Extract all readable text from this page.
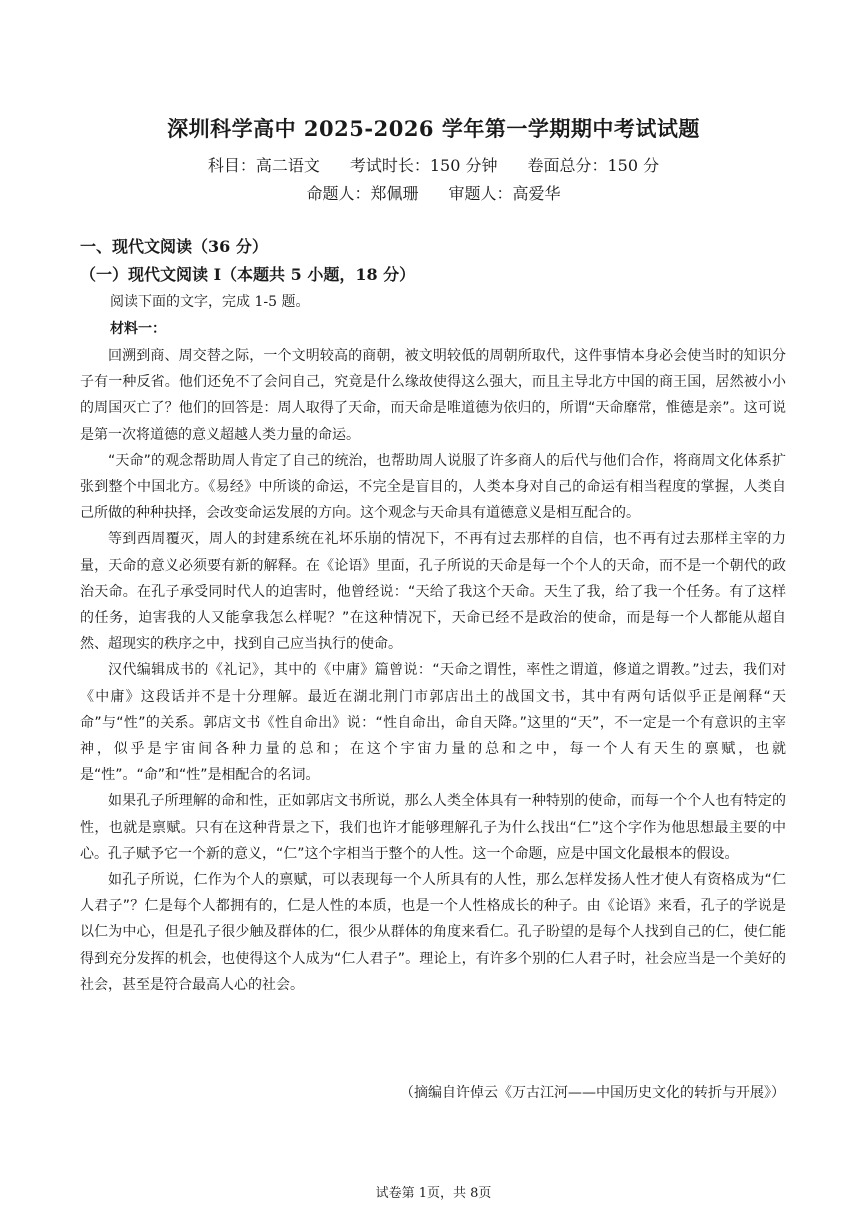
深圳科学高中 2025-2026 学年第一学期期中考试试题
科目：高二语文 考试时长：150 分钟 卷面总分：150 分
命题人：郑佩珊 审题人：高爱华
一、现代文阅读（36 分）
（一）现代文阅读 Ⅰ（本题共 5 小题，18 分）
阅读下面的文字，完成 1-5 题。
材料一：

回溯到商、周交替之际，一个文明较高的商朝，被文明较低的周朝所取代，这件事情本身必会使当时的知识分子有一种反省。他们还免不了会问自己，究竟是什么缘故使得这么强大，而且主导北方中国的商王国，居然被小小的周国灭亡了？他们的回答是：周人取得了天命，而天命是唯道德为依归的，所谓“天命靡常，惟德是亲”。这可说是第一次将道德的意义超越人类力量的命运。

“天命”的观念帮助周人肯定了自己的统治，也帮助周人说服了许多商人的后代与他们合作，将商周文化体系扩张到整个中国北方。《易经》中所谈的命运，不完全是盲目的，人类本身对自己的命运有相当程度的掌握，人类自己所做的种种抉择，会改变命运发展的方向。这个观念与天命具有道德意义是相互配合的。

等到西周覆灭，周人的封建系统在礼坏乐崩的情况下，不再有过去那样的自信，也不再有过去那样主宰的力量，天命的意义必须要有新的解释。在《论语》里面，孔子所说的天命是每一个个人的天命，而不是一个朝代的政治天命。在孔子承受同时代人的迫害时，他曾经说：“天给了我这个天命。天生了我，给了我一个任务。有了这样的任务，迫害我的人又能拿我怎么样呢？”在这种情况下，天命已经不是政治的使命，而是每一个人都能从超自然、超现实的秩序之中，找到自己应当执行的使命。

汉代编辑成书的《礼记》，其中的《中庸》篇曾说：“天命之谓性，率性之谓道，修道之谓教。”过去，我们对《中庸》这段话并不是十分理解。最近在湖北荆门市郭店出土的战国文书，其中有两句话似乎正是阐释“天命”与“性”的关系。郭店文书《性自命出》说：“性自命出，命自天降。”这里的“天”，不一定是一个有意识的主宰神，似乎是宇宙间各种力量的总和；在这个宇宙力量的总和之中，每一个人有天生的禀赋，也就是“性”。“命”和“性”是相配合的名词。

如果孔子所理解的命和性，正如郭店文书所说，那么人类全体具有一种特别的使命，而每一个个人也有特定的性，也就是禀赋。只有在这种背景之下，我们也许才能够理解孔子为什么找出“仁”这个字作为他思想最主要的中心。孔子赋予它一个新的意义，“仁”这个字相当于整个的人性。这一个命题，应是中国文化最根本的假设。

如孔子所说，仁作为个人的禀赋，可以表现每一个人所具有的人性，那么怎样发扬人性才使人有资格成为“仁人君子”？仁是每个人都拥有的，仁是人性的本质，也是一个人性格成长的种子。由《论语》来看，孔子的学说是以仁为中心，但是孔子很少触及群体的仁，很少从群体的角度来看仁。孔子盼望的是每个人找到自己的仁，使仁能得到充分发挥的机会，也使得这个人成为“仁人君子”。理论上，有许多个别的仁人君子时，社会应当是一个美好的社会，甚至是符合最高人心的社会。

（摘编自许倬云《万古江河——中国历史文化的转折与开展》）
试卷第 1页，共 8页
